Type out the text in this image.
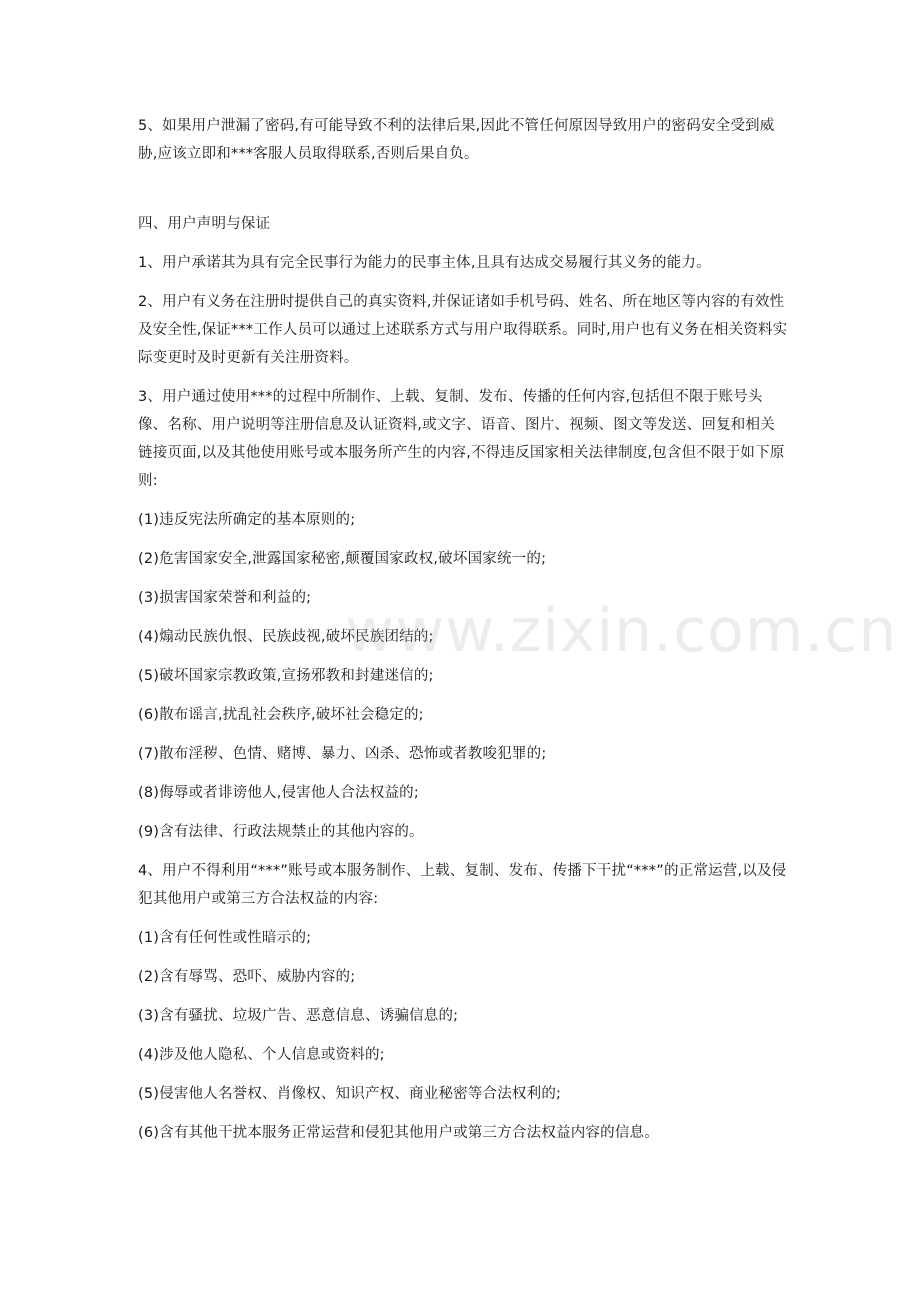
5、如果用户泄漏了密码,有可能导致不利的法律后果,因此不管任何原因导致用户的密码安全受到威胁,应该立即和***客服人员取得联系,否则后果自负。

四、用户声明与保证

1、用户承诺其为具有完全民事行为能力的民事主体,且具有达成交易履行其义务的能力。

2、用户有义务在注册时提供自己的真实资料,并保证诸如手机号码、姓名、所在地区等内容的有效性及安全性,保证***工作人员可以通过上述联系方式与用户取得联系。同时,用户也有义务在相关资料实际变更时及时更新有关注册资料。

3、用户通过使用***的过程中所制作、上载、复制、发布、传播的任何内容,包括但不限于账号头像、名称、用户说明等注册信息及认证资料,或文字、语音、图片、视频、图文等发送、回复和相关链接页面,以及其他使用账号或本服务所产生的内容,不得违反国家相关法律制度,包含但不限于如下原则:

(1)违反宪法所确定的基本原则的;

(2)危害国家安全,泄露国家秘密,颠覆国家政权,破坏国家统一的;

(3)损害国家荣誉和利益的;

(4)煽动民族仇恨、民族歧视,破坏民族团结的;

(5)破坏国家宗教政策,宣扬邪教和封建迷信的;

(6)散布谣言,扰乱社会秩序,破坏社会稳定的;

(7)散布淫秽、色情、赌博、暴力、凶杀、恐怖或者教唆犯罪的;

(8)侮辱或者诽谤他人,侵害他人合法权益的;

(9)含有法律、行政法规禁止的其他内容的。

4、用户不得利用“***”账号或本服务制作、上载、复制、发布、传播下干扰“***”的正常运营,以及侵犯其他用户或第三方合法权益的内容:

(1)含有任何性或性暗示的;

(2)含有辱骂、恐吓、威胁内容的;

(3)含有骚扰、垃圾广告、恶意信息、诱骗信息的;

(4)涉及他人隐私、个人信息或资料的;

(5)侵害他人名誉权、肖像权、知识产权、商业秘密等合法权利的;

(6)含有其他干扰本服务正常运营和侵犯其他用户或第三方合法权益内容的信息。

www.zixin.com.cn
